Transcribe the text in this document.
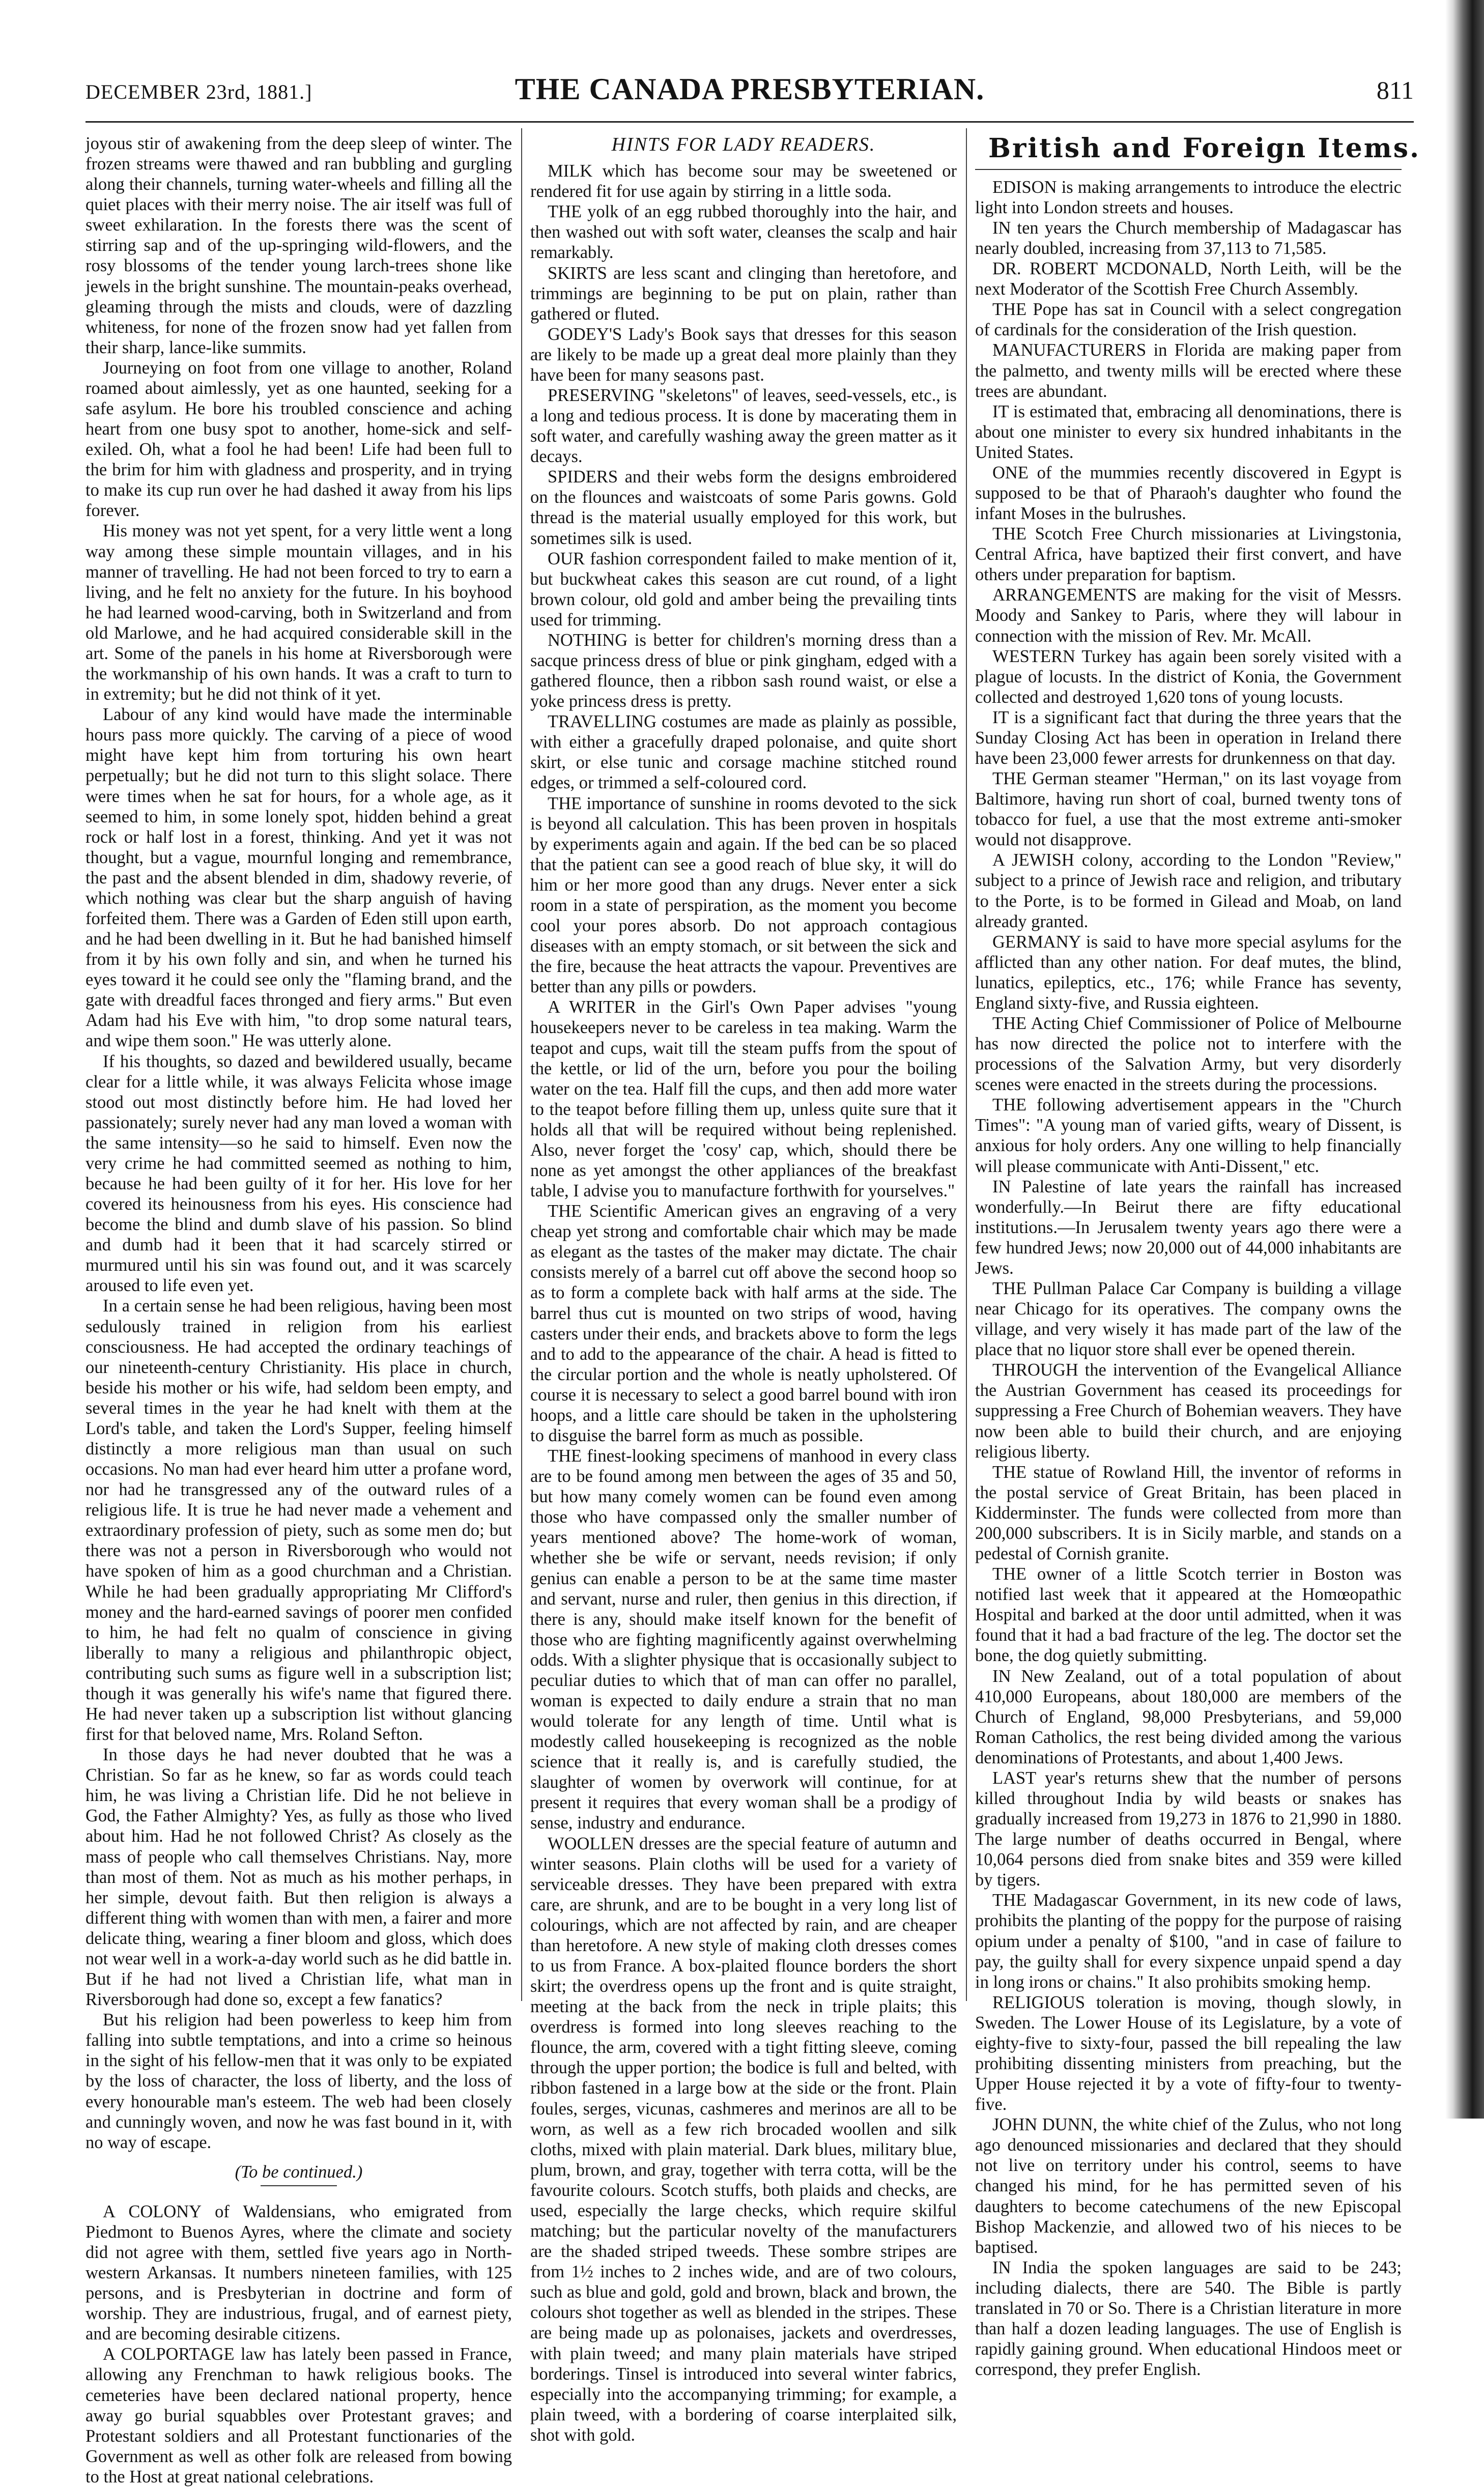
DECEMBER 23rd, 1881.]	THE CANADA PRESBYTERIAN.	811

joyous stir of awakening from the deep sleep of winter. The frozen streams were thawed and ran bubbling and gurgling along their channels, turning water-wheels and filling all the quiet places with their merry noise. The air itself was full of sweet exhilaration. In the forests there was the scent of stirring sap and of the up-springing wild-flowers, and the rosy blossoms of the tender young larch-trees shone like jewels in the bright sunshine. The mountain-peaks overhead, gleaming through the mists and clouds, were of dazzling whiteness, for none of the frozen snow had yet fallen from their sharp, lance-like summits.

Journeying on foot from one village to another, Roland roamed about aimlessly, yet as one haunted, seeking for a safe asylum. He bore his troubled conscience and aching heart from one busy spot to another, home-sick and self-exiled. Oh, what a fool he had been! Life had been full to the brim for him with gladness and prosperity, and in trying to make its cup run over he had dashed it away from his lips forever.

His money was not yet spent, for a very little went a long way among these simple mountain villages, and in his manner of travelling. He had not been forced to try to earn a living, and he felt no anxiety for the future. In his boyhood he had learned wood-carving, both in Switzerland and from old Marlowe, and he had acquired considerable skill in the art. Some of the panels in his home at Riversborough were the workmanship of his own hands. It was a craft to turn to in extremity; but he did not think of it yet.

Labour of any kind would have made the interminable hours pass more quickly. The carving of a piece of wood might have kept him from torturing his own heart perpetually; but he did not turn to this slight solace. There were times when he sat for hours, for a whole age, as it seemed to him, in some lonely spot, hidden behind a great rock or half lost in a forest, thinking. And yet it was not thought, but a vague, mournful longing and remembrance, the past and the absent blended in dim, shadowy reverie, of which nothing was clear but the sharp anguish of having forfeited them. There was a Garden of Eden still upon earth, and he had been dwelling in it. But he had banished himself from it by his own folly and sin, and when he turned his eyes toward it he could see only the "flaming brand, and the gate with dreadful faces thronged and fiery arms." But even Adam had his Eve with him, "to drop some natural tears, and wipe them soon." He was utterly alone.

If his thoughts, so dazed and bewildered usually, became clear for a little while, it was always Felicita whose image stood out most distinctly before him. He had loved her passionately; surely never had any man loved a woman with the same intensity—so he said to himself. Even now the very crime he had committed seemed as nothing to him, because he had been guilty of it for her. His love for her covered its heinousness from his eyes. His conscience had become the blind and dumb slave of his passion. So blind and dumb had it been that it had scarcely stirred or murmured until his sin was found out, and it was scarcely aroused to life even yet.

In a certain sense he had been religious, having been most sedulously trained in religion from his earliest consciousness. He had accepted the ordinary teachings of our nineteenth-century Christianity. His place in church, beside his mother or his wife, had seldom been empty, and several times in the year he had knelt with them at the Lord's table, and taken the Lord's Supper, feeling himself distinctly a more religious man than usual on such occasions. No man had ever heard him utter a profane word, nor had he transgressed any of the outward rules of a religious life. It is true he had never made a vehement and extraordinary profession of piety, such as some men do; but there was not a person in Riversborough who would not have spoken of him as a good churchman and a Christian. While he had been gradually appropriating Mr Clifford's money and the hard-earned savings of poorer men confided to him, he had felt no qualm of conscience in giving liberally to many a religious and philanthropic object, contributing such sums as figure well in a subscription list; though it was generally his wife's name that figured there. He had never taken up a subscription list without glancing first for that beloved name, Mrs. Roland Sefton.

In those days he had never doubted that he was a Christian. So far as he knew, so far as words could teach him, he was living a Christian life. Did he not believe in God, the Father Almighty? Yes, as fully as those who lived about him. Had he not followed Christ? As closely as the mass of people who call themselves Christians. Nay, more than most of them. Not as much as his mother perhaps, in her simple, devout faith. But then religion is always a different thing with women than with men, a fairer and more delicate thing, wearing a finer bloom and gloss, which does not wear well in a work-a-day world such as he did battle in. But if he had not lived a Christian life, what man in Riversborough had done so, except a few fanatics?

But his religion had been powerless to keep him from falling into subtle temptations, and into a crime so heinous in the sight of his fellow-men that it was only to be expiated by the loss of character, the loss of liberty, and the loss of every honourable man's esteem. The web had been closely and cunningly woven, and now he was fast bound in it, with no way of escape.

(To be continued.)

A COLONY of Waldensians, who emigrated from Piedmont to Buenos Ayres, where the climate and society did not agree with them, settled five years ago in North-western Arkansas. It numbers nineteen families, with 125 persons, and is Presbyterian in doctrine and form of worship. They are industrious, frugal, and of earnest piety, and are becoming desirable citizens.

A COLPORTAGE law has lately been passed in France, allowing any Frenchman to hawk religious books. The cemeteries have been declared national property, hence away go burial squabbles over Protestant graves; and Protestant soldiers and all Protestant functionaries of the Government as well as other folk are released from bowing to the Host at great national celebrations.

HINTS FOR LADY READERS.

MILK which has become sour may be sweetened or rendered fit for use again by stirring in a little soda.

THE yolk of an egg rubbed thoroughly into the hair, and then washed out with soft water, cleanses the scalp and hair remarkably.

SKIRTS are less scant and clinging than heretofore, and trimmings are beginning to be put on plain, rather than gathered or fluted.

GODEY'S Lady's Book says that dresses for this season are likely to be made up a great deal more plainly than they have been for many seasons past.

PRESERVING "skeletons" of leaves, seed-vessels, etc., is a long and tedious process. It is done by macerating them in soft water, and carefully washing away the green matter as it decays.

SPIDERS and their webs form the designs embroidered on the flounces and waistcoats of some Paris gowns. Gold thread is the material usually employed for this work, but sometimes silk is used.

OUR fashion correspondent failed to make mention of it, but buckwheat cakes this season are cut round, of a light brown colour, old gold and amber being the prevailing tints used for trimming.

NOTHING is better for children's morning dress than a sacque princess dress of blue or pink gingham, edged with a gathered flounce, then a ribbon sash round waist, or else a yoke princess dress is pretty.

TRAVELLING costumes are made as plainly as possible, with either a gracefully draped polonaise, and quite short skirt, or else tunic and corsage machine stitched round edges, or trimmed a self-coloured cord.

THE importance of sunshine in rooms devoted to the sick is beyond all calculation. This has been proven in hospitals by experiments again and again. If the bed can be so placed that the patient can see a good reach of blue sky, it will do him or her more good than any drugs. Never enter a sick room in a state of perspiration, as the moment you become cool your pores absorb. Do not approach contagious diseases with an empty stomach, or sit between the sick and the fire, because the heat attracts the vapour. Preventives are better than any pills or powders.

A WRITER in the Girl's Own Paper advises "young housekeepers never to be careless in tea making. Warm the teapot and cups, wait till the steam puffs from the spout of the kettle, or lid of the urn, before you pour the boiling water on the tea. Half fill the cups, and then add more water to the teapot before filling them up, unless quite sure that it holds all that will be required without being replenished. Also, never forget the 'cosy' cap, which, should there be none as yet amongst the other appliances of the breakfast table, I advise you to manufacture forthwith for yourselves."

THE Scientific American gives an engraving of a very cheap yet strong and comfortable chair which may be made as elegant as the tastes of the maker may dictate. The chair consists merely of a barrel cut off above the second hoop so as to form a complete back with half arms at the side. The barrel thus cut is mounted on two strips of wood, having casters under their ends, and brackets above to form the legs and to add to the appearance of the chair. A head is fitted to the circular portion and the whole is neatly upholstered. Of course it is necessary to select a good barrel bound with iron hoops, and a little care should be taken in the upholstering to disguise the barrel form as much as possible.

THE finest-looking specimens of manhood in every class are to be found among men between the ages of 35 and 50, but how many comely women can be found even among those who have compassed only the smaller number of years mentioned above? The home-work of woman, whether she be wife or servant, needs revision; if only genius can enable a person to be at the same time master and servant, nurse and ruler, then genius in this direction, if there is any, should make itself known for the benefit of those who are fighting magnificently against overwhelming odds. With a slighter physique that is occasionally subject to peculiar duties to which that of man can offer no parallel, woman is expected to daily endure a strain that no man would tolerate for any length of time. Until what is modestly called housekeeping is recognized as the noble science that it really is, and is carefully studied, the slaughter of women by overwork will continue, for at present it requires that every woman shall be a prodigy of sense, industry and endurance.

WOOLLEN dresses are the special feature of autumn and winter seasons. Plain cloths will be used for a variety of serviceable dresses. They have been prepared with extra care, are shrunk, and are to be bought in a very long list of colourings, which are not affected by rain, and are cheaper than heretofore. A new style of making cloth dresses comes to us from France. A box-plaited flounce borders the short skirt; the overdress opens up the front and is quite straight, meeting at the back from the neck in triple plaits; this overdress is formed into long sleeves reaching to the flounce, the arm, covered with a tight fitting sleeve, coming through the upper portion; the bodice is full and belted, with ribbon fastened in a large bow at the side or the front. Plain foules, serges, vicunas, cashmeres and merinos are all to be worn, as well as a few rich brocaded woollen and silk cloths, mixed with plain material. Dark blues, military blue, plum, brown, and gray, together with terra cotta, will be the favourite colours. Scotch stuffs, both plaids and checks, are used, especially the large checks, which require skilful matching; but the particular novelty of the manufacturers are the shaded striped tweeds. These sombre stripes are from 1½ inches to 2 inches wide, and are of two colours, such as blue and gold, gold and brown, black and brown, the colours shot together as well as blended in the stripes. These are being made up as polonaises, jackets and overdresses, with plain tweed; and many plain materials have striped borderings. Tinsel is introduced into several winter fabrics, especially into the accompanying trimming; for example, a plain tweed, with a bordering of coarse interplaited silk, shot with gold.

British and Foreign Items.

EDISON is making arrangements to introduce the electric light into London streets and houses.

IN ten years the Church membership of Madagascar has nearly doubled, increasing from 37,113 to 71,585.

DR. ROBERT MCDONALD, North Leith, will be the next Moderator of the Scottish Free Church Assembly.

THE Pope has sat in Council with a select congregation of cardinals for the consideration of the Irish question.

MANUFACTURERS in Florida are making paper from the palmetto, and twenty mills will be erected where these trees are abundant.

IT is estimated that, embracing all denominations, there is about one minister to every six hundred inhabitants in the United States.

ONE of the mummies recently discovered in Egypt is supposed to be that of Pharaoh's daughter who found the infant Moses in the bulrushes.

THE Scotch Free Church missionaries at Livingstonia, Central Africa, have baptized their first convert, and have others under preparation for baptism.

ARRANGEMENTS are making for the visit of Messrs. Moody and Sankey to Paris, where they will labour in connection with the mission of Rev. Mr. McAll.

WESTERN Turkey has again been sorely visited with a plague of locusts. In the district of Konia, the Government collected and destroyed 1,620 tons of young locusts.

IT is a significant fact that during the three years that the Sunday Closing Act has been in operation in Ireland there have been 23,000 fewer arrests for drunkenness on that day.

THE German steamer "Herman," on its last voyage from Baltimore, having run short of coal, burned twenty tons of tobacco for fuel, a use that the most extreme anti-smoker would not disapprove.

A JEWISH colony, according to the London "Review," subject to a prince of Jewish race and religion, and tributary to the Porte, is to be formed in Gilead and Moab, on land already granted.

GERMANY is said to have more special asylums for the afflicted than any other nation. For deaf mutes, the blind, lunatics, epileptics, etc., 176; while France has seventy, England sixty-five, and Russia eighteen.

THE Acting Chief Commissioner of Police of Melbourne has now directed the police not to interfere with the processions of the Salvation Army, but very disorderly scenes were enacted in the streets during the processions.

THE following advertisement appears in the "Church Times": "A young man of varied gifts, weary of Dissent, is anxious for holy orders. Any one willing to help financially will please communicate with Anti-Dissent," etc.

IN Palestine of late years the rainfall has increased wonderfully.—In Beirut there are fifty educational institutions.—In Jerusalem twenty years ago there were a few hundred Jews; now 20,000 out of 44,000 inhabitants are Jews.

THE Pullman Palace Car Company is building a village near Chicago for its operatives. The company owns the village, and very wisely it has made part of the law of the place that no liquor store shall ever be opened therein.

THROUGH the intervention of the Evangelical Alliance the Austrian Government has ceased its proceedings for suppressing a Free Church of Bohemian weavers. They have now been able to build their church, and are enjoying religious liberty.

THE statue of Rowland Hill, the inventor of reforms in the postal service of Great Britain, has been placed in Kidderminster. The funds were collected from more than 200,000 subscribers. It is in Sicily marble, and stands on a pedestal of Cornish granite.

THE owner of a little Scotch terrier in Boston was notified last week that it appeared at the Homœopathic Hospital and barked at the door until admitted, when it was found that it had a bad fracture of the leg. The doctor set the bone, the dog quietly submitting.

IN New Zealand, out of a total population of about 410,000 Europeans, about 180,000 are members of the Church of England, 98,000 Presbyterians, and 59,000 Roman Catholics, the rest being divided among the various denominations of Protestants, and about 1,400 Jews.

LAST year's returns shew that the number of persons killed throughout India by wild beasts or snakes has gradually increased from 19,273 in 1876 to 21,990 in 1880. The large number of deaths occurred in Bengal, where 10,064 persons died from snake bites and 359 were killed by tigers.

THE Madagascar Government, in its new code of laws, prohibits the planting of the poppy for the purpose of raising opium under a penalty of $100, "and in case of failure to pay, the guilty shall for every sixpence unpaid spend a day in long irons or chains." It also prohibits smoking hemp.

RELIGIOUS toleration is moving, though slowly, in Sweden. The Lower House of its Legislature, by a vote of eighty-five to sixty-four, passed the bill repealing the law prohibiting dissenting ministers from preaching, but the Upper House rejected it by a vote of fifty-four to twenty-five.

JOHN DUNN, the white chief of the Zulus, who not long ago denounced missionaries and declared that they should not live on territory under his control, seems to have changed his mind, for he has permitted seven of his daughters to become catechumens of the new Episcopal Bishop Mackenzie, and allowed two of his nieces to be baptised.

IN India the spoken languages are said to be 243; including dialects, there are 540. The Bible is partly translated in 70 or So. There is a Christian literature in more than half a dozen leading languages. The use of English is rapidly gaining ground. When educational Hindoos meet or correspond, they prefer English.
